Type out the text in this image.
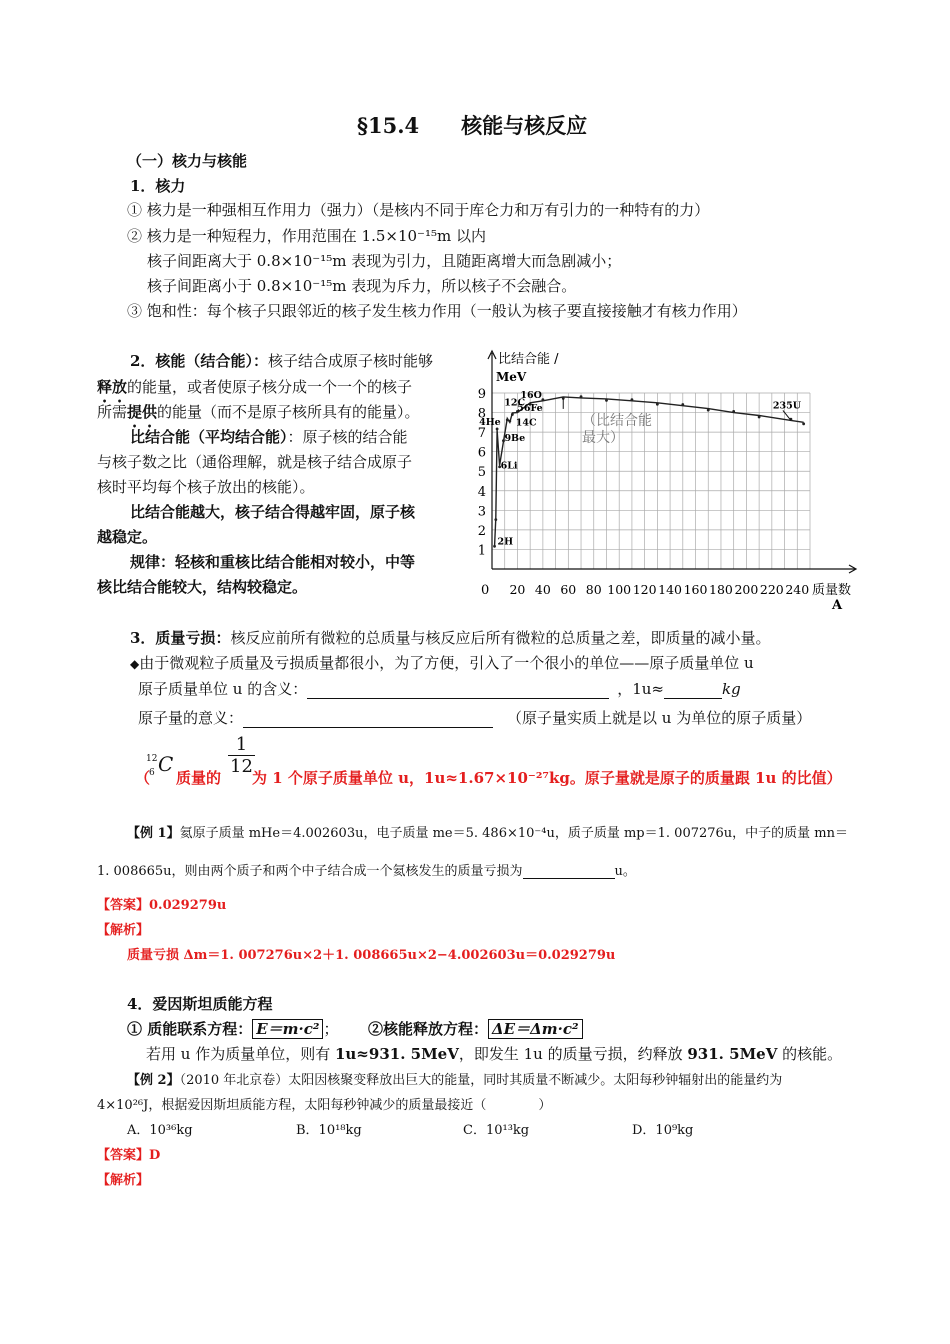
§15.4　　核能与核反应
（一）核力与核能
1．核力
① 核力是一种强相互作用力（强力）（是核内不同于库仑力和万有引力的一种特有的力）
② 核力是一种短程力，作用范围在 1.5×10⁻¹⁵m 以内
核子间距离大于 0.8×10⁻¹⁵m 表现为引力，且随距离增大而急剧减小；
核子间距离小于 0.8×10⁻¹⁵m 表现为斥力，所以核子不会融合。
③ 饱和性：每个核子只跟邻近的核子发生核力作用（一般认为核子要直接接触才有核力作用）
2．核能（结合能）：核子结合成原子核时能够
释放的能量，或者使原子核分成一个一个的核子
所需提供的能量（而不是原子核所具有的能量）。
比结合能（平均结合能）：原子核的结合能
与核子数之比（通俗理解，就是核子结合成原子
核时平均每个核子放出的核能）。
比结合能越大，核子结合得越牢固，原子核
越稳定。
规律：轻核和重核比结合能相对较小，中等
核比结合能较大，结构较稳定。	20 40 60 80 100 120 140 160 180 200 220 240
1
2
3
4
5
6
7
8
9
2H
6Li
9Be
12C
14C
4He
16O
56Fe	235U
比结合能 /
MeV
质量数
A
0
（比结合能
最大）
3．质量亏损：核反应前所有微粒的总质量与核反应后所有微粒的总质量之差，即质量的减小量。
◆由于微观粒子质量及亏损质量都很小，为了方便，引入了一个很小的单位——原子质量单位 u
原子质量单位 u 的含义：	，1u≈	kg
原子量的意义：	（原子量实质上就是以 u 为单位的原子质量）
12
6 C	$\frac{1}{12}$
（ 质量的 为 1 个原子质量单位 u，1u≈1.67×10⁻²⁷kg。原子量就是原子的质量跟 1u 的比值）
【例 1】氦原子质量 mHe＝4.002603u，电子质量 me＝5. 486×10⁻⁴u，质子质量 mp＝1. 007276u，中子的质量 mn＝
1. 008665u，则由两个质子和两个中子结合成一个氦核发生的质量亏损为	u。
【答案】0.029279u
【解析】
质量亏损 Δm＝1. 007276u×2＋1. 008665u×2−4.002603u＝0.029279u
4．爱因斯坦质能方程
① 质能联系方程： E＝m·c² ； ②核能释放方程： ΔE＝Δm·c²
若用 u 作为质量单位，则有 1u≈931. 5MeV，即发生 1u 的质量亏损，约释放 931. 5MeV 的核能。
【例 2】（2010 年北京卷）太阳因核聚变释放出巨大的能量，同时其质量不断减少。太阳每秒钟辐射出的能量约为
4×10²⁶J，根据爱因斯坦质能方程，太阳每秒钟减少的质量最接近（　　　　）
A．10³⁶kg	B．10¹⁸kg	C．10¹³kg	D．10⁹kg
【答案】D
【解析】
